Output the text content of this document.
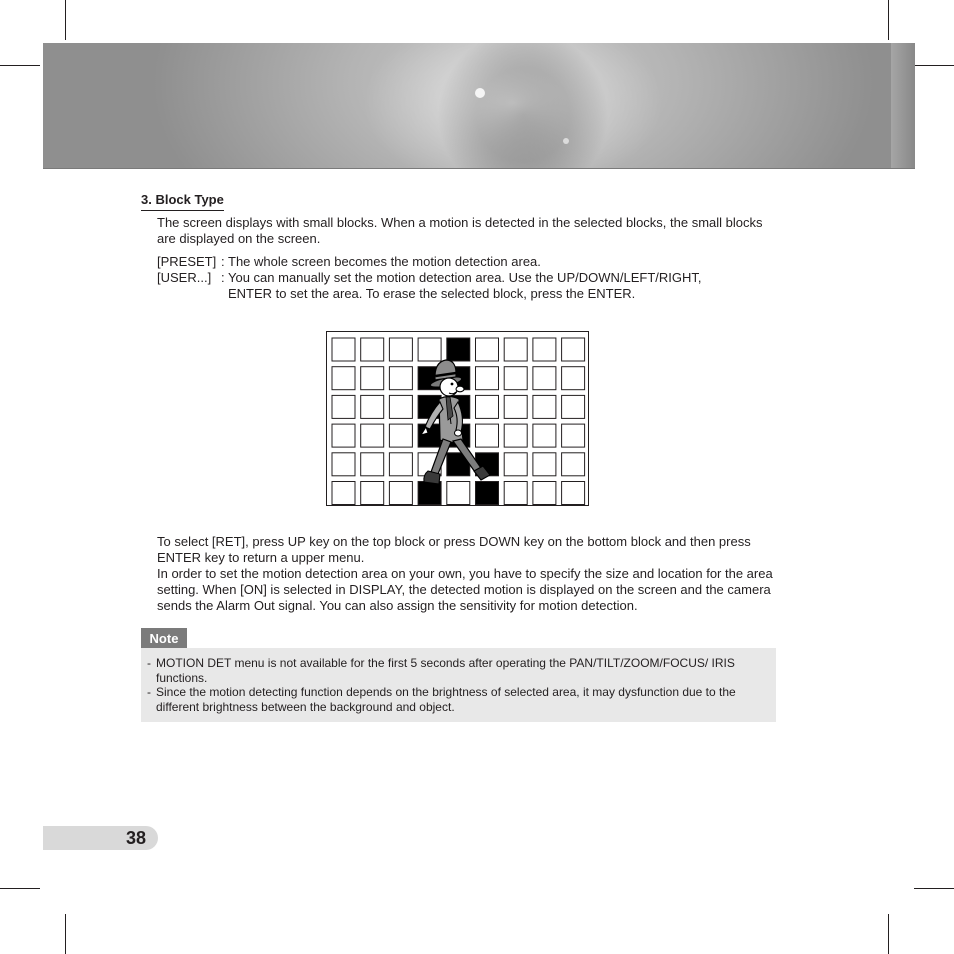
3. Block Type

The screen displays with small blocks. When a motion is detected in the selected blocks, the small blocks are displayed on the screen.

[PRESET] : The whole screen becomes the motion detection area.
[USER...] : You can manually set the motion detection area. Use the UP/DOWN/LEFT/RIGHT, ENTER to set the area. To erase the selected block, press the ENTER.

To select [RET], press UP key on the top block or press DOWN key on the bottom block and then press ENTER key to return a upper menu.

In order to set the motion detection area on your own, you have to specify the size and location for the area setting. When [ON] is selected in DISPLAY, the detected motion is displayed on the screen and the camera sends the Alarm Out signal. You can also assign the sensitivity for motion detection.

Note
- MOTION DET menu is not available for the first 5 seconds after operating the PAN/TILT/ZOOM/FOCUS/ IRIS functions.
- Since the motion detecting function depends on the brightness of selected area, it may dysfunction due to the different brightness between the background and object.
38
